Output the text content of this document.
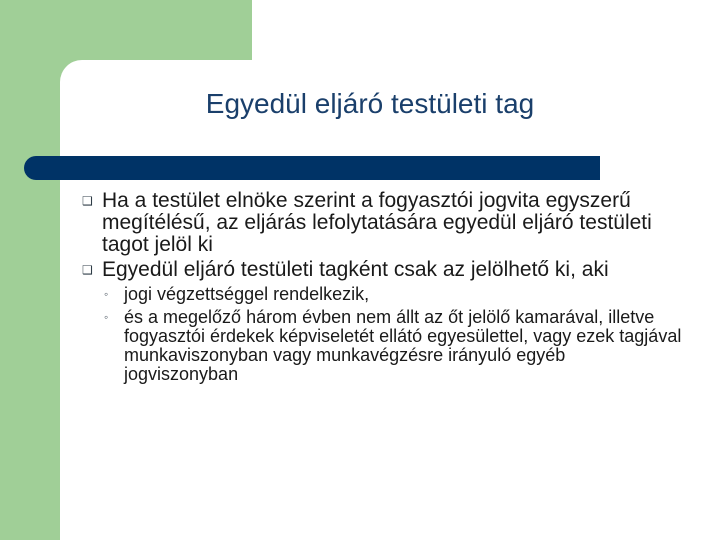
Egyedül eljáró testületi tag
❑ Ha a testület elnöke szerint a fogyasztói jogvita egyszerű megítélésű, az eljárás lefolytatására egyedül eljáró testületi tagot jelöl ki
❑ Egyedül eljáró testületi tagként csak az jelölhető ki, aki
◦ jogi végzettséggel rendelkezik,
◦ és a megelőző három évben nem állt az őt jelölő kamarával, illetve fogyasztói érdekek képviseletét ellátó egyesülettel, vagy ezek tagjával munkaviszonyban vagy munkavégzésre irányuló egyéb jogviszonyban
